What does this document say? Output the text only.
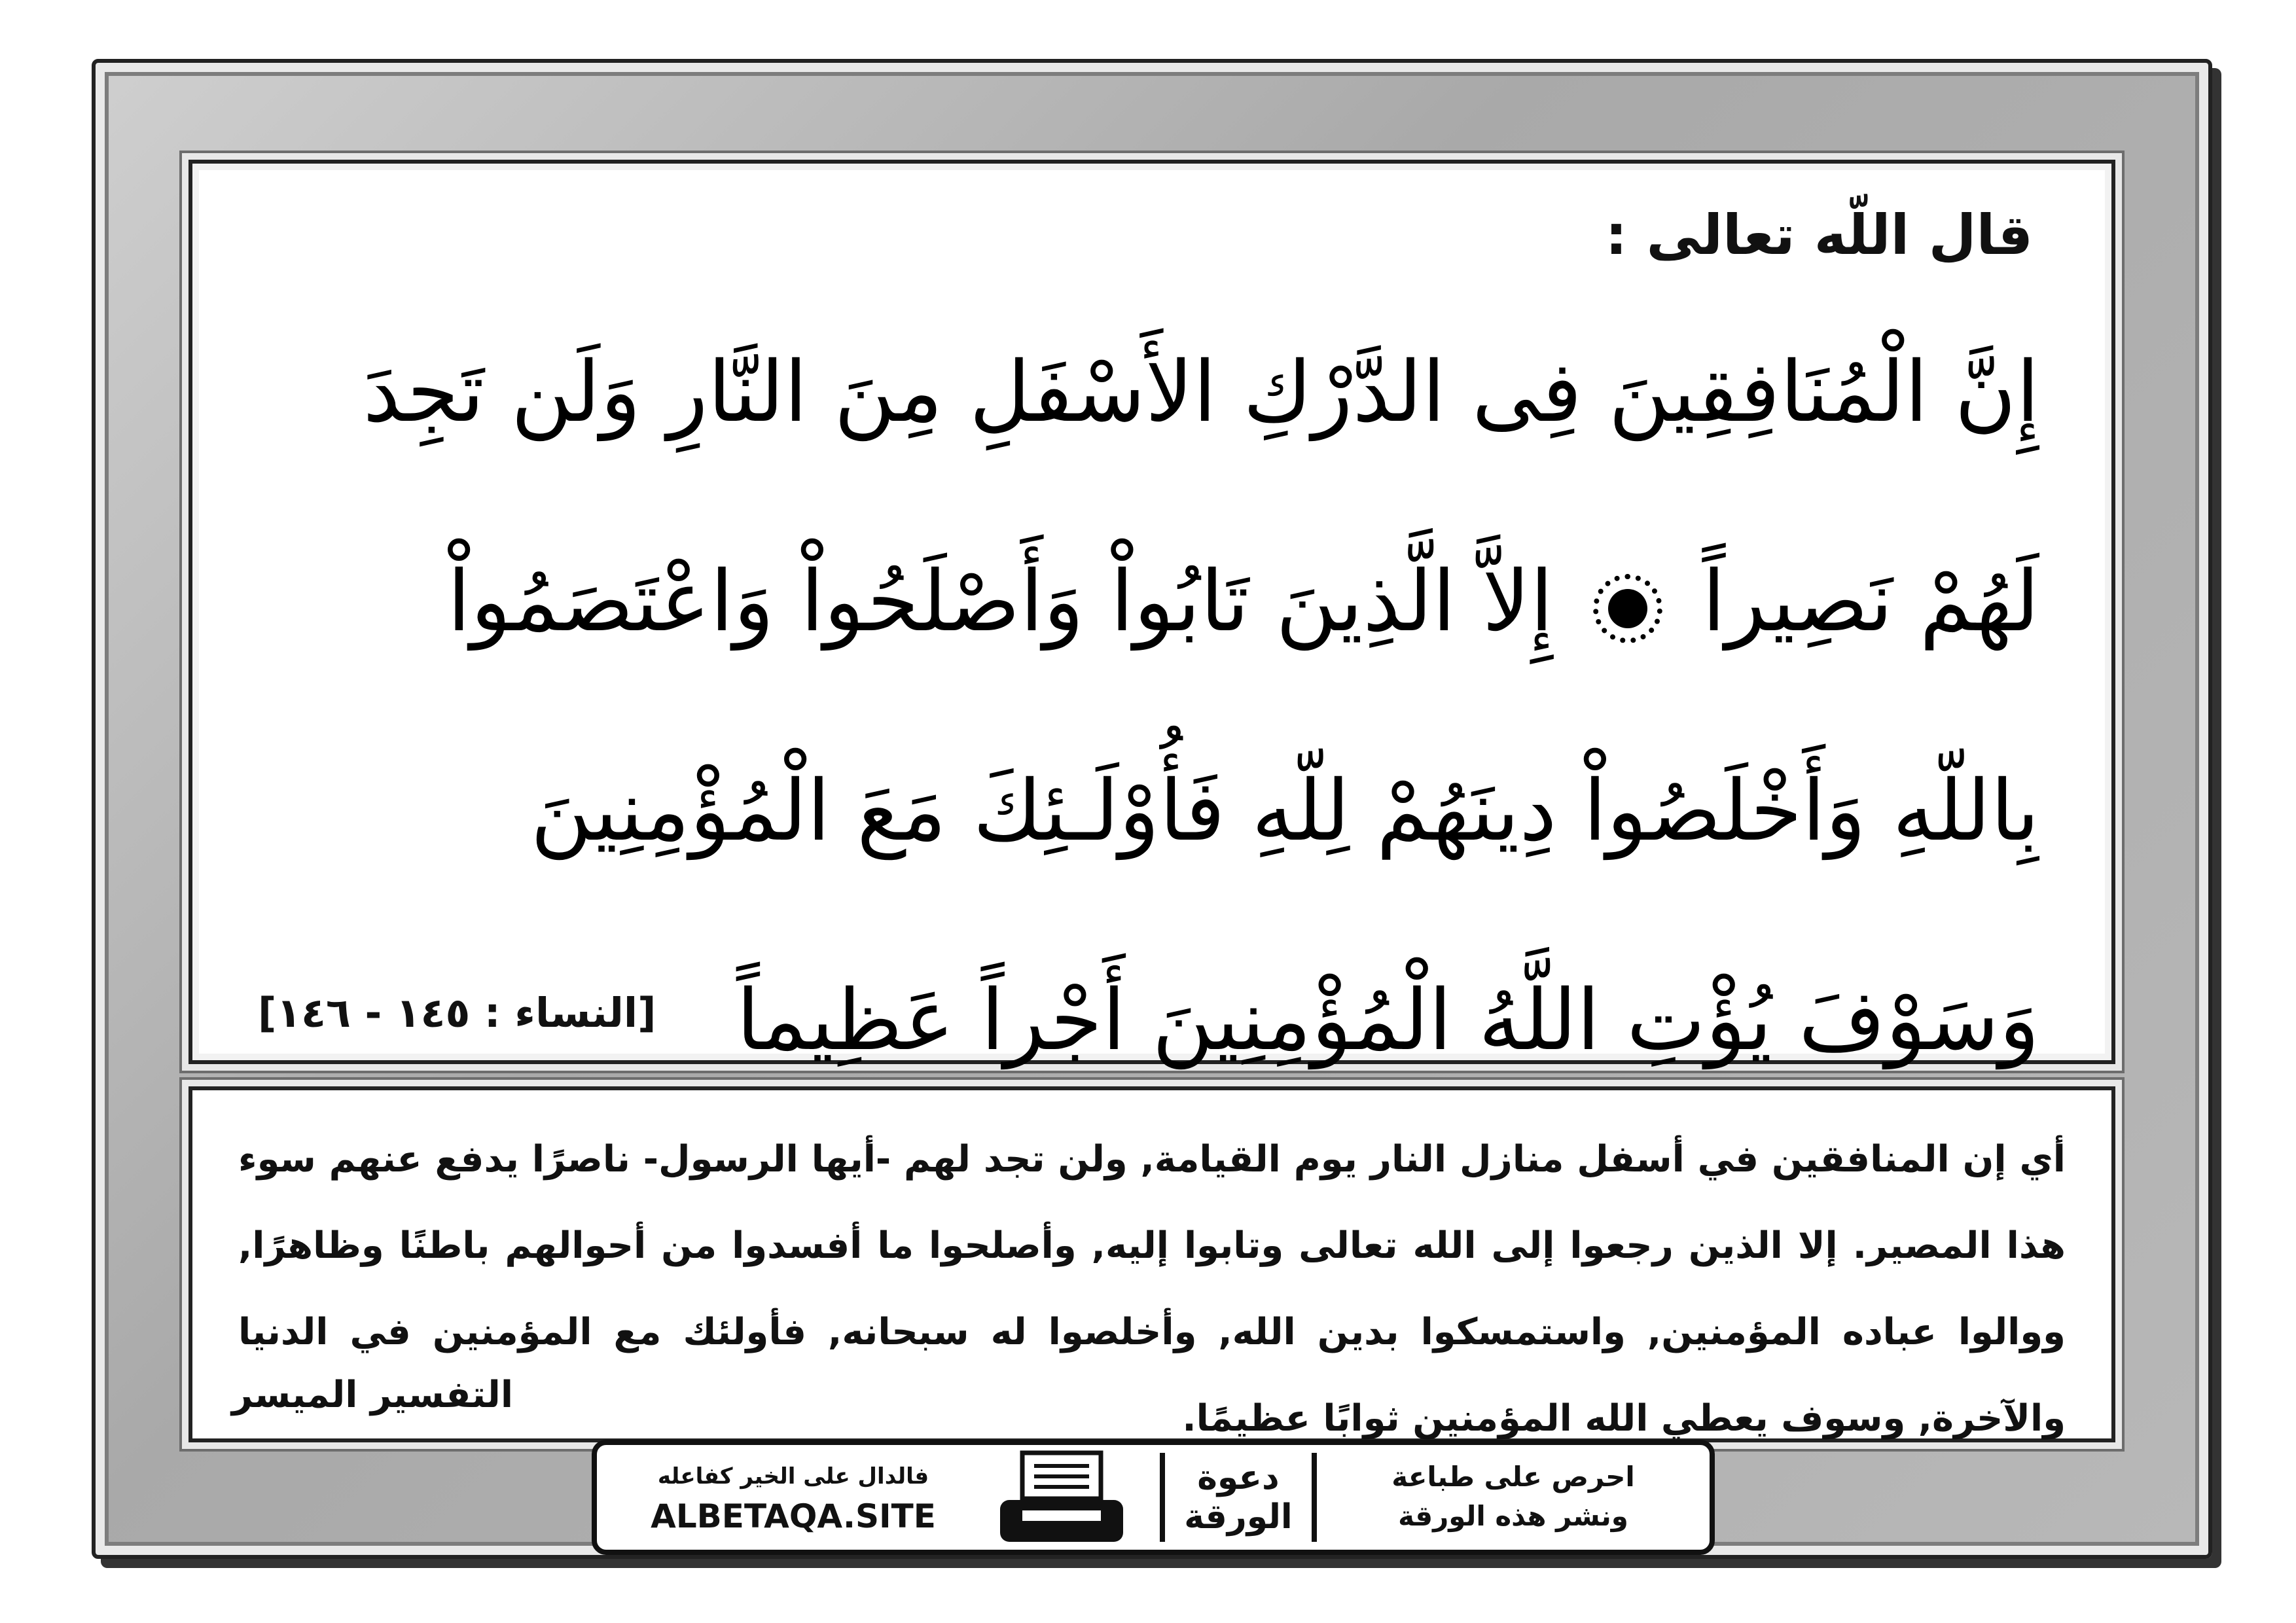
قال اللّه تعالى :
إِنَّ الْمُنَافِقِينَ فِى الدَّرْكِ الأَسْفَلِ مِنَ النَّارِ وَلَن تَجِدَ
لَهُمْ نَصِيراً  إِلاَّ الَّذِينَ تَابُواْ وَأَصْلَحُواْ وَاعْتَصَمُواْ
بِاللّهِ وَأَخْلَصُواْ دِينَهُمْ لِلّهِ فَأُوْلَـئِكَ مَعَ الْمُؤْمِنِينَ
وَسَوْفَ يُؤْتِ اللَّهُ الْمُؤْمِنِينَ أَجْراً عَظِيماً
[النساء : ١٤٥ - ١٤٦]
أي إن المنافقين في أسفل منازل النار يوم القيامة, ولن تجد لهم -أيها الرسول- ناصرًا يدفع عنهم سوء هذا المصير. إلا الذين رجعوا إلى الله تعالى وتابوا إليه, وأصلحوا ما أفسدوا من أحوالهم باطنًا وظاهرًا, ووالوا عباده المؤمنين, واستمسكوا بدين الله, وأخلصوا له سبحانه, فأولئك مع المؤمنين في الدنيا والآخرة, وسوف يعطي الله المؤمنين ثوابًا عظيمًا.
التفسير الميسر
فالدال على الخير كفاعله
ALBETAQA.SITE
دعوة
الورقة
احرص على طباعة
ونشر هذه الورقة
